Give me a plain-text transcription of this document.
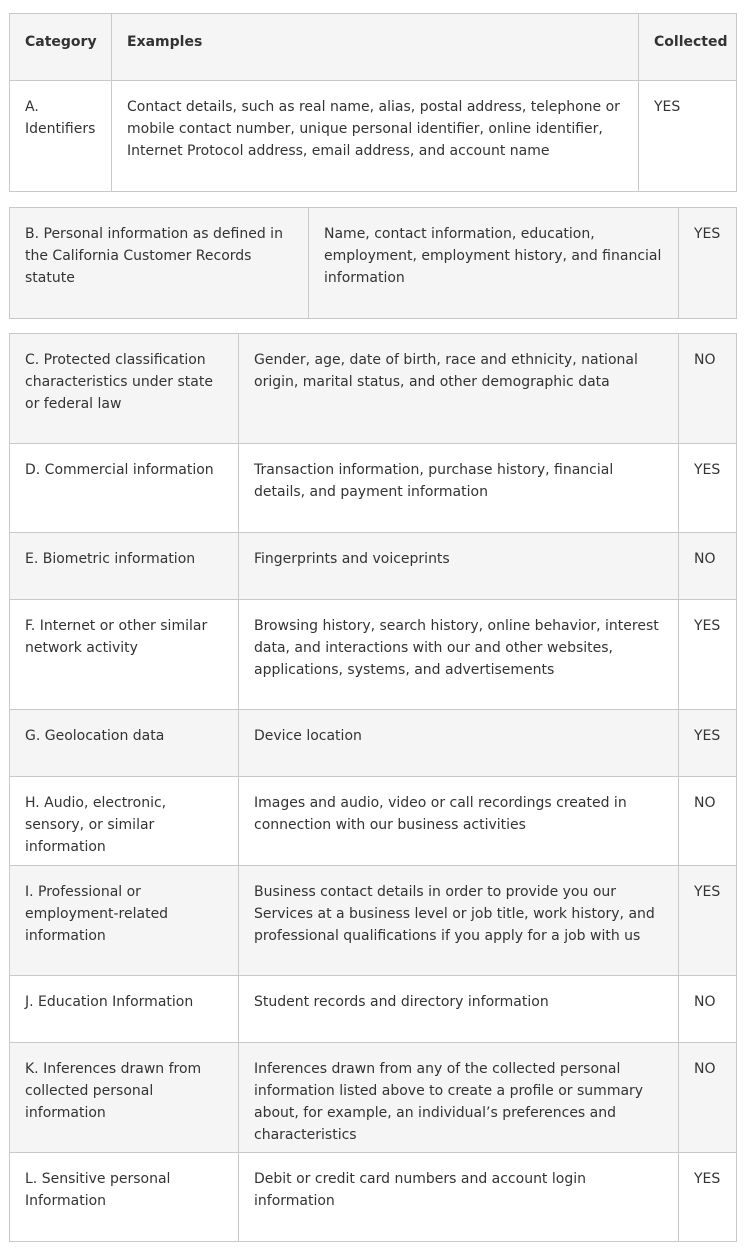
Category	Examples	Collected
A. Identifiers	Contact details, such as real name, alias, postal address, telephone or mobile contact number, unique personal identifier, online identifier, Internet Protocol address, email address, and account name	YES
B. Personal information as defined in the California Customer Records statute	Name, contact information, education, employment, employment history, and financial information	YES
C. Protected classification characteristics under state or federal law	Gender, age, date of birth, race and ethnicity, national origin, marital status, and other demographic data	NO
D. Commercial information	Transaction information, purchase history, financial details, and payment information	YES
E. Biometric information	Fingerprints and voiceprints	NO
F. Internet or other similar network activity	Browsing history, search history, online behavior, interest data, and interactions with our and other websites, applications, systems, and advertisements	YES
G. Geolocation data	Device location	YES
H. Audio, electronic, sensory, or similar information	Images and audio, video or call recordings created in connection with our business activities	NO
I. Professional or employment-related information	Business contact details in order to provide you our Services at a business level or job title, work history, and professional qualifications if you apply for a job with us	YES
J. Education Information	Student records and directory information	NO
K. Inferences drawn from collected personal information	Inferences drawn from any of the collected personal information listed above to create a profile or summary about, for example, an individual’s preferences and characteristics	NO
L. Sensitive personal Information	Debit or credit card numbers and account login information	YES
